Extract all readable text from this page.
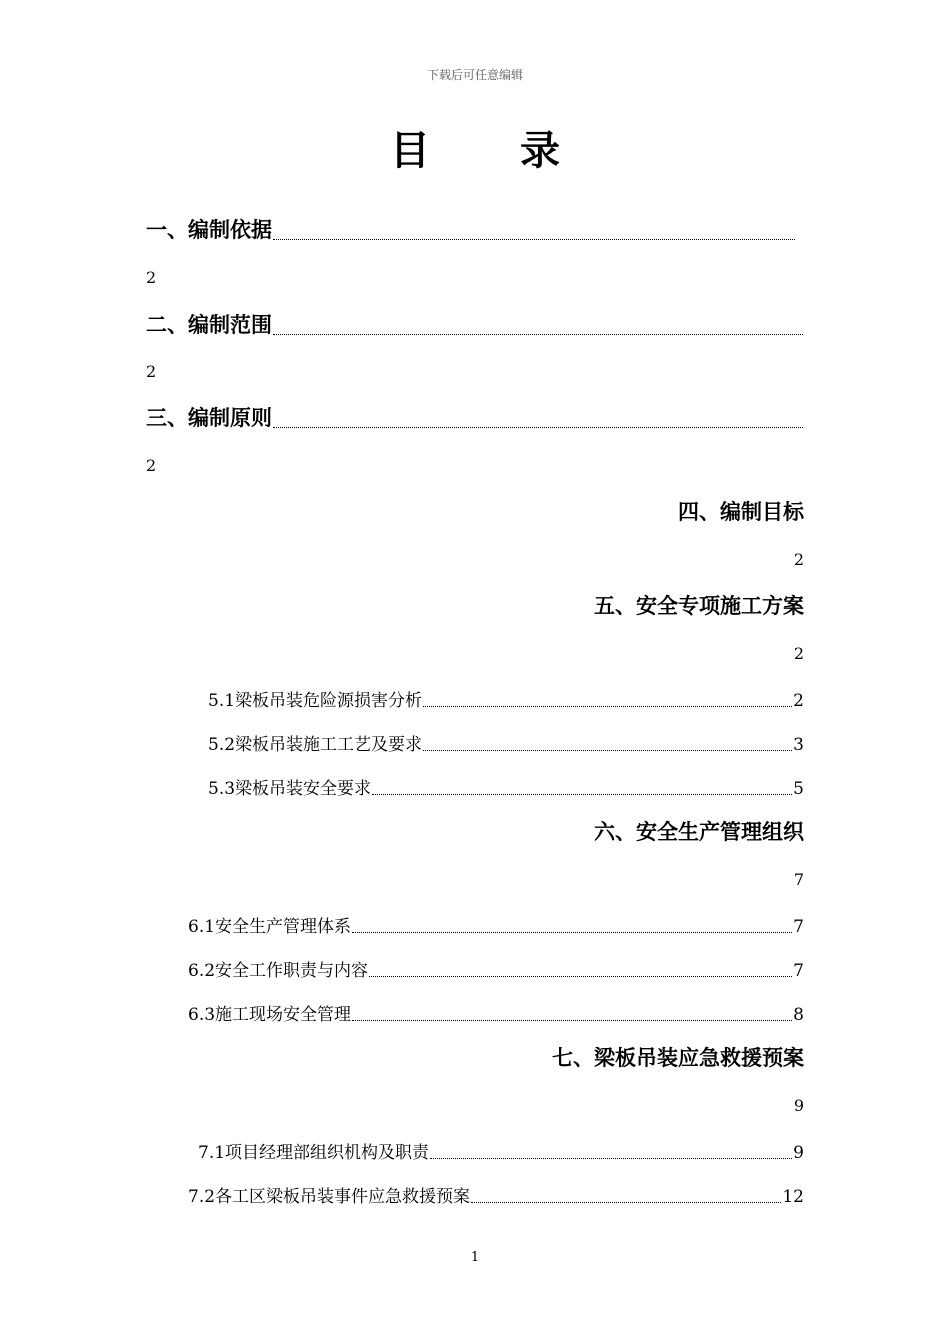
下载后可任意编辑
目录
一、编制依据
2
二、编制范围
2
三、编制原则
2
四、编制目标
2
五、安全专项施工方案
2
5.1梁板吊装危险源损害分析	2
5.2梁板吊装施工工艺及要求	3
5.3梁板吊装安全要求	5
六、安全生产管理组织
7
6.1安全生产管理体系	7
6.2安全工作职责与内容	7
6.3施工现场安全管理	8
七、梁板吊装应急救援预案
9
7.1项目经理部组织机构及职责	9
7.2各工区梁板吊装事件应急救援预案	12
1
